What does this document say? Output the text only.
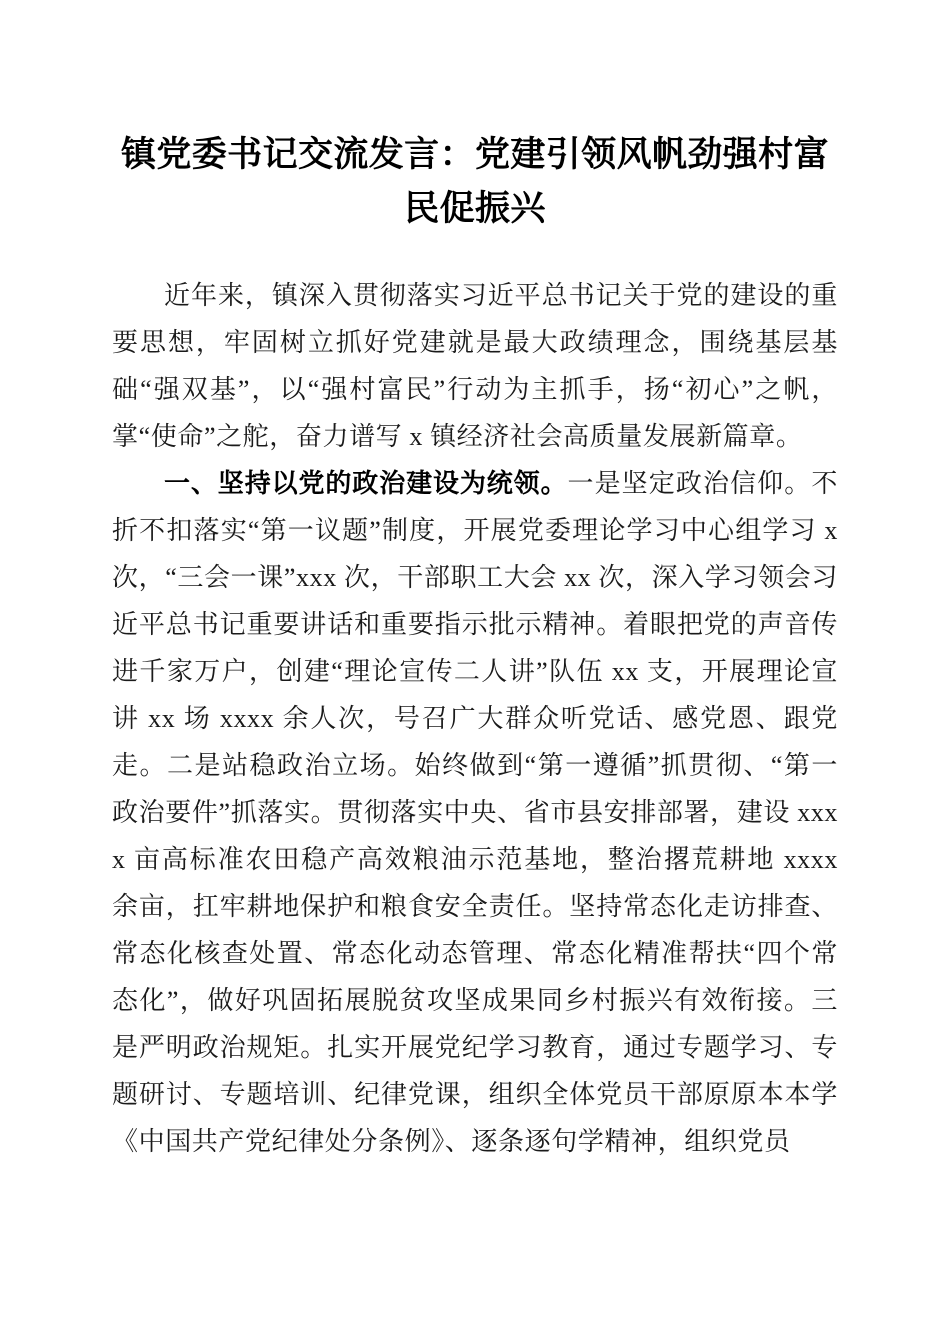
镇党委书记交流发言：党建引领风帆劲强村富民促振兴

近年来，镇深入贯彻落实习近平总书记关于党的建设的重要思想，牢固树立抓好党建就是最大政绩理念，围绕基层基础“强双基”，以“强村富民”行动为主抓手，扬“初心”之帆，掌“使命”之舵，奋力谱写 x 镇经济社会高质量发展新篇章。

一、坚持以党的政治建设为统领。一是坚定政治信仰。不折不扣落实“第一议题”制度，开展党委理论学习中心组学习 x 次，“三会一课”xxx 次，干部职工大会 xx 次，深入学习领会习近平总书记重要讲话和重要指示批示精神。着眼把党的声音传进千家万户，创建“理论宣传二人讲”队伍 xx 支，开展理论宣讲 xx 场 xxxx 余人次，号召广大群众听党话、感党恩、跟党走。二是站稳政治立场。始终做到“第一遵循”抓贯彻、“第一政治要件”抓落实。贯彻落实中央、省市县安排部署，建设 xxxx 亩高标准农田稳产高效粮油示范基地，整治撂荒耕地 xxxx 余亩，扛牢耕地保护和粮食安全责任。坚持常态化走访排查、常态化核查处置、常态化动态管理、常态化精准帮扶“四个常态化”，做好巩固拓展脱贫攻坚成果同乡村振兴有效衔接。三是严明政治规矩。扎实开展党纪学习教育，通过专题学习、专题研讨、专题培训、纪律党课，组织全体党员干部原原本本学《中国共产党纪律处分条例》、逐条逐句学精神，组织党员
